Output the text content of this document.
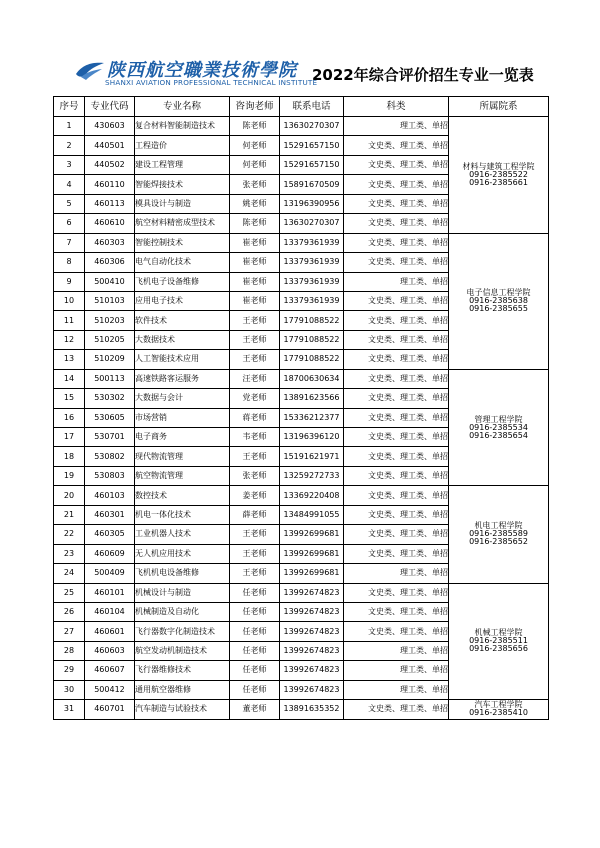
陕西航空職業技術學院
SHANXI AVIATION PROFESSIONAL TECHNICAL INSTITUTE
2022年综合评价招生专业一览表
序号	专业代码	专业名称	咨询老师	联系电话	科类	所属院系
1	430603	复合材料智能制造技术	陈老师	13630270307	理工类、单招	材料与建筑工程学院
0916-2385522
0916-2385661

2	440501	工程造价	何老师	15291657150	文史类、理工类、单招	
3	440502	建设工程管理	何老师	15291657150	文史类、理工类、单招	
4	460110	智能焊接技术	张老师	15891670509	文史类、理工类、单招	
5	460113	模具设计与制造	姚老师	13196390956	文史类、理工类、单招	
6	460610	航空材料精密成型技术	陈老师	13630270307	文史类、理工类、单招	
7	460303	智能控制技术	崔老师	13379361939	文史类、理工类、单招	电子信息工程学院
0916-2385638
0916-2385655

8	460306	电气自动化技术	崔老师	13379361939	文史类、理工类、单招	
9	500410	飞机电子设备维修	崔老师	13379361939	理工类、单招	
10	510103	应用电子技术	崔老师	13379361939	文史类、理工类、单招	
11	510203	软件技术	王老师	17791088522	文史类、理工类、单招	
12	510205	大数据技术	王老师	17791088522	文史类、理工类、单招	
13	510209	人工智能技术应用	王老师	17791088522	文史类、理工类、单招	
14	500113	高速铁路客运服务	汪老师	18700630634	文史类、理工类、单招	管理工程学院
0916-2385534
0916-2385654

15	530302	大数据与会计	党老师	13891623566	文史类、理工类、单招	
16	530605	市场营销	蒋老师	15336212377	文史类、理工类、单招	
17	530701	电子商务	韦老师	13196396120	文史类、理工类、单招	
18	530802	现代物流管理	王老师	15191621971	文史类、理工类、单招	
19	530803	航空物流管理	张老师	13259272733	文史类、理工类、单招	
20	460103	数控技术	姜老师	13369220408	文史类、理工类、单招	机电工程学院
0916-2385589
0916-2385652

21	460301	机电一体化技术	薛老师	13484991055	文史类、理工类、单招	
22	460305	工业机器人技术	王老师	13992699681	文史类、理工类、单招	
23	460609	无人机应用技术	王老师	13992699681	文史类、理工类、单招	
24	500409	飞机机电设备维修	王老师	13992699681	理工类、单招	
25	460101	机械设计与制造	任老师	13992674823	文史类、理工类、单招	机械工程学院
0916-2385511
0916-2385656

26	460104	机械制造及自动化	任老师	13992674823	文史类、理工类、单招	
27	460601	飞行器数字化制造技术	任老师	13992674823	文史类、理工类、单招	
28	460603	航空发动机制造技术	任老师	13992674823	理工类、单招	
29	460607	飞行器维修技术	任老师	13992674823	理工类、单招	
30	500412	通用航空器维修	任老师	13992674823	理工类、单招	
31	460701	汽车制造与试验技术	董老师	13891635352	文史类、理工类、单招	汽车工程学院
0916-2385410
